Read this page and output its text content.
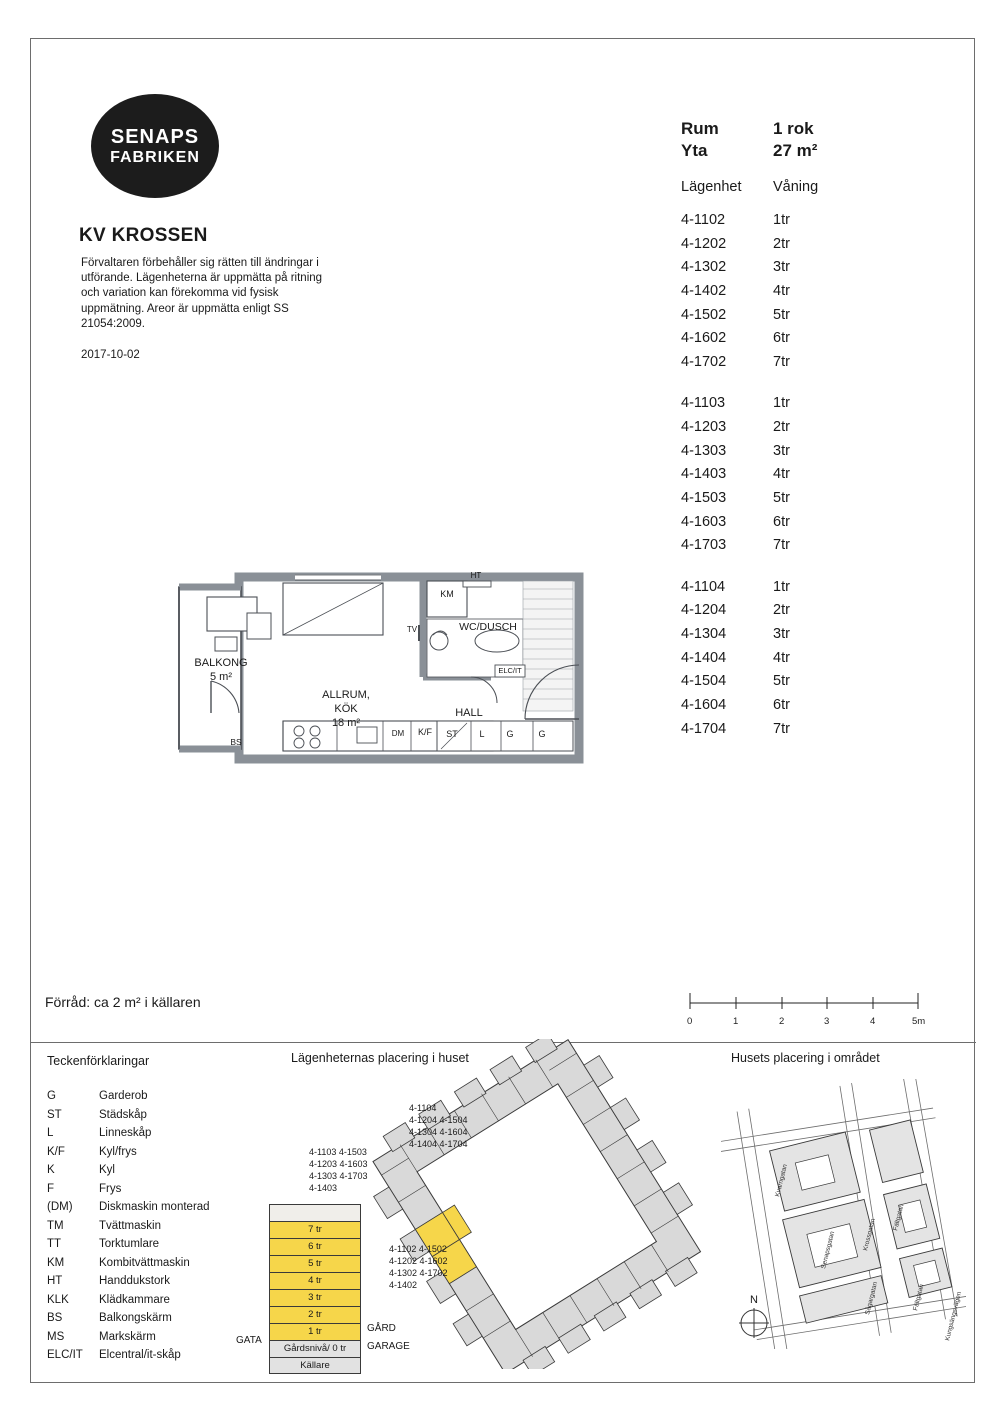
SENAPS
FABRIKEN
KV KROSSEN
Förvaltaren förbehåller sig rätten till ändringar i utförande. Lägenheterna är uppmätta på ritning och variation kan förekomma vid fysisk uppmätning. Areor är uppmätta enligt SS 21054:2009.
2017-10-02
Rum	1 rok
Yta	27 m²
Lägenhet	Våning
4-1102	1tr
4-1202	2tr
4-1302	3tr
4-1402	4tr
4-1502	5tr
4-1602	6tr
4-1702	7tr
4-1103	1tr
4-1203	2tr
4-1303	3tr
4-1403	4tr
4-1503	5tr
4-1603	6tr
4-1703	7tr
4-1104	1tr
4-1204	2tr
4-1304	3tr
4-1404	4tr
4-1504	5tr
4-1604	6tr
4-1704	7tr
BALKONG
5 m²
ALLRUM,
KÖK
18 m²
HALL
WC/DUSCH
KM
HT
TV
ELC/IT
DM	K/F	ST	L	G	G
BS
Förråd: ca 2 m² i källaren
0	1	2	3	4	5m
Teckenförklaringar
G	Garderob
ST	Städskåp
L	Linneskåp
K/F	Kyl/frys
K	Kyl
F	Frys
(DM)	Diskmaskin monterad
TM	Tvättmaskin
TT	Torktumlare
KM	Kombitvättmaskin
HT	Handdukstork
KLK	Klädkammare
BS	Balkongskärm
MS	Markskärm
ELC/IT	Elcentral/it-skåp
Lägenheternas placering i huset
4-1104
4-1204 4-1504
4-1304 4-1604
4-1404 4-1704
4-1103 4-1503
4-1203 4-1603
4-1303 4-1703
4-1403
4-1102 4-1502
4-1202 4-1602
4-1302 4-1702
4-1402
7 tr
6 tr
5 tr
4 tr
3 tr
2 tr
1 tr
Gårdsnivå/ 0 tr
Källare
GATA
GÅRD
GARAGE
Husets placering i området
Kvarngatan
Senapsgatan	Krossgatan
Fältgatan
Sågargatan	Fältgatan	Kungsängsvägen
N
